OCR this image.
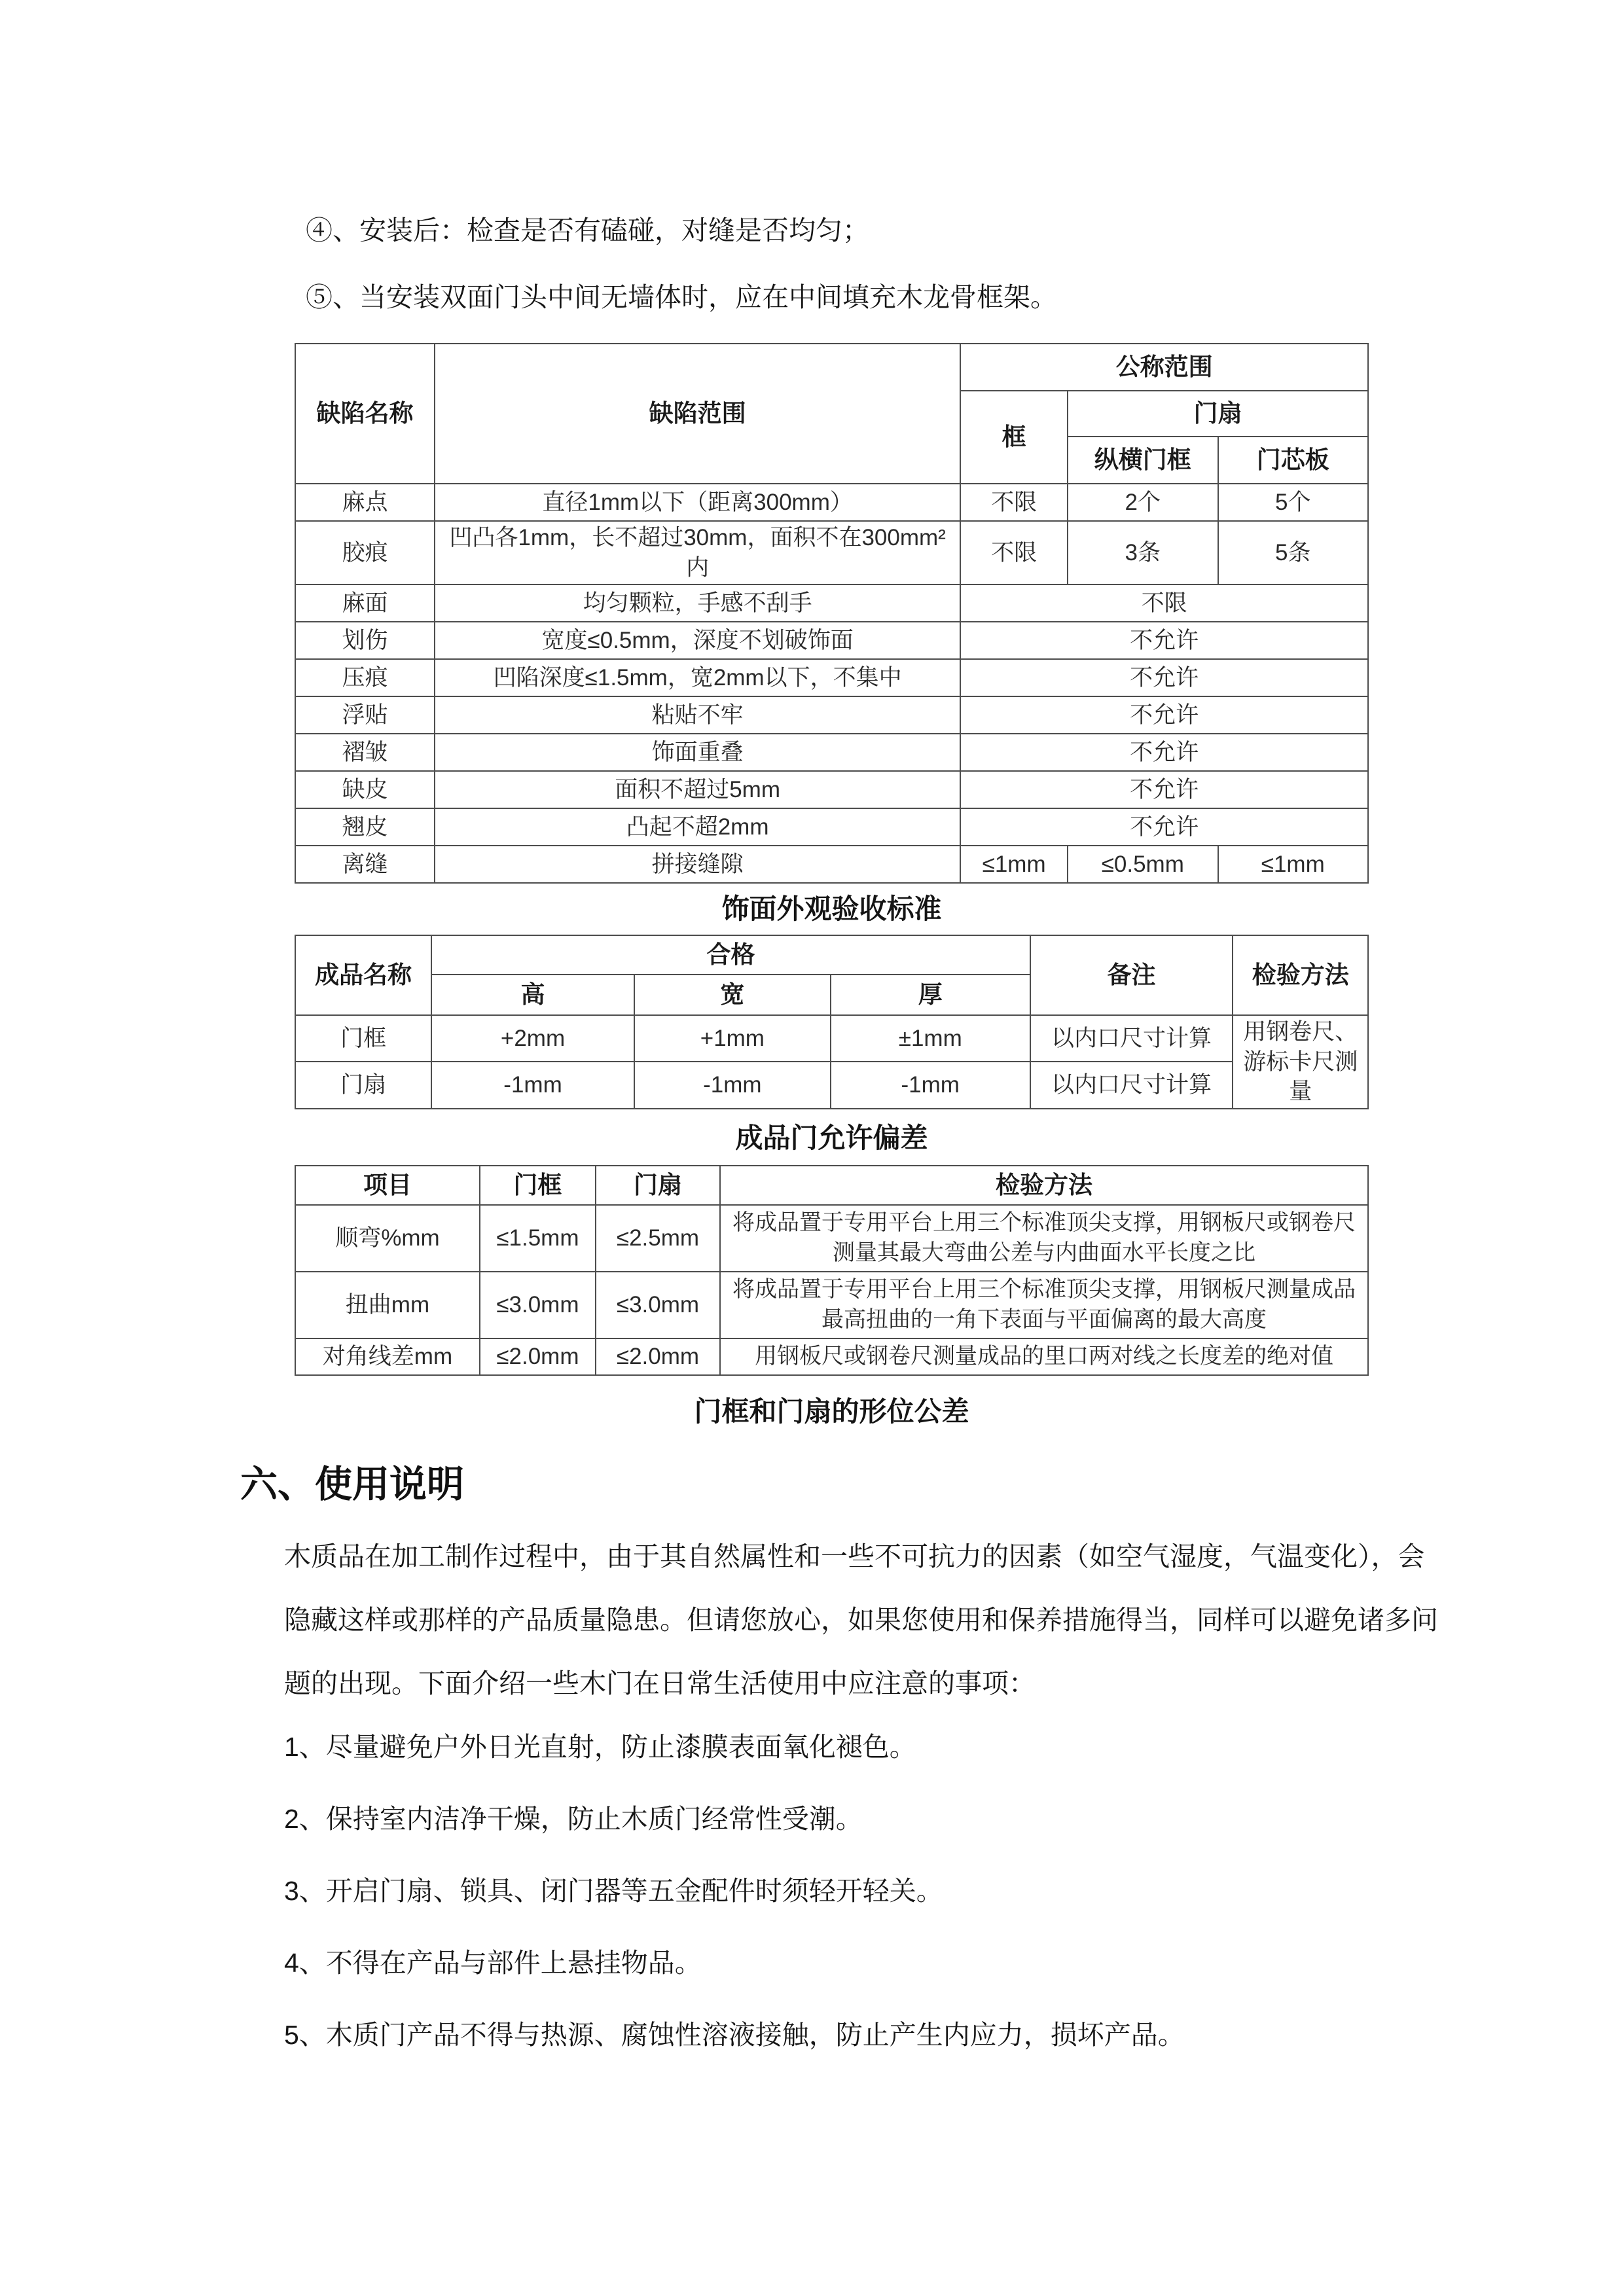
④、安装后：检查是否有磕碰，对缝是否均匀；

⑤、当安装双面门头中间无墙体时，应在中间填充木龙骨框架。

缺陷名称	缺陷范围	公称范围		
		框	门扇	
			纵横门框	门芯板
麻点	直径1mm以下（距离300mm）	不限	2个	5个
胶痕	凹凸各1mm，长不超过30mm，面积不在300mm²内	不限	3条	5条
麻面	均匀颗粒，手感不刮手	不限		
划伤	宽度≤0.5mm，深度不划破饰面	不允许		
压痕	凹陷深度≤1.5mm，宽2mm以下，不集中	不允许		
浮贴	粘贴不牢	不允许		
褶皱	饰面重叠	不允许		
缺皮	面积不超过5mm	不允许		
翘皮	凸起不超2mm	不允许		
离缝	拼接缝隙	≤1mm	≤0.5mm	≤1mm

饰面外观验收标准

成品名称	合格			备注	检验方法
	高	宽	厚		
门框	+2mm	+1mm	±1mm	以内口尺寸计算	用钢卷尺、游标卡尺测量
门扇	-1mm	-1mm	-1mm	以内口尺寸计算	

成品门允许偏差

项目	门框	门扇	检验方法
顺弯%mm	≤1.5mm	≤2.5mm	将成品置于专用平台上用三个标准顶尖支撑，用钢板尺或钢卷尺测量其最大弯曲公差与内曲面水平长度之比
扭曲mm	≤3.0mm	≤3.0mm	将成品置于专用平台上用三个标准顶尖支撑，用钢板尺测量成品最高扭曲的一角下表面与平面偏离的最大高度
对角线差mm	≤2.0mm	≤2.0mm	用钢板尺或钢卷尺测量成品的里口两对线之长度差的绝对值

门框和门扇的形位公差

六、使用说明
木质品在加工制作过程中，由于其自然属性和一些不可抗力的因素（如空气湿度，气温变化），会
隐藏这样或那样的产品质量隐患。但请您放心，如果您使用和保养措施得当，同样可以避免诸多问
题的出现。下面介绍一些木门在日常生活使用中应注意的事项：
1、尽量避免户外日光直射，防止漆膜表面氧化褪色。
2、保持室内洁净干燥，防止木质门经常性受潮。
3、开启门扇、锁具、闭门器等五金配件时须轻开轻关。
4、不得在产品与部件上悬挂物品。
5、木质门产品不得与热源、腐蚀性溶液接触，防止产生内应力，损坏产品。
